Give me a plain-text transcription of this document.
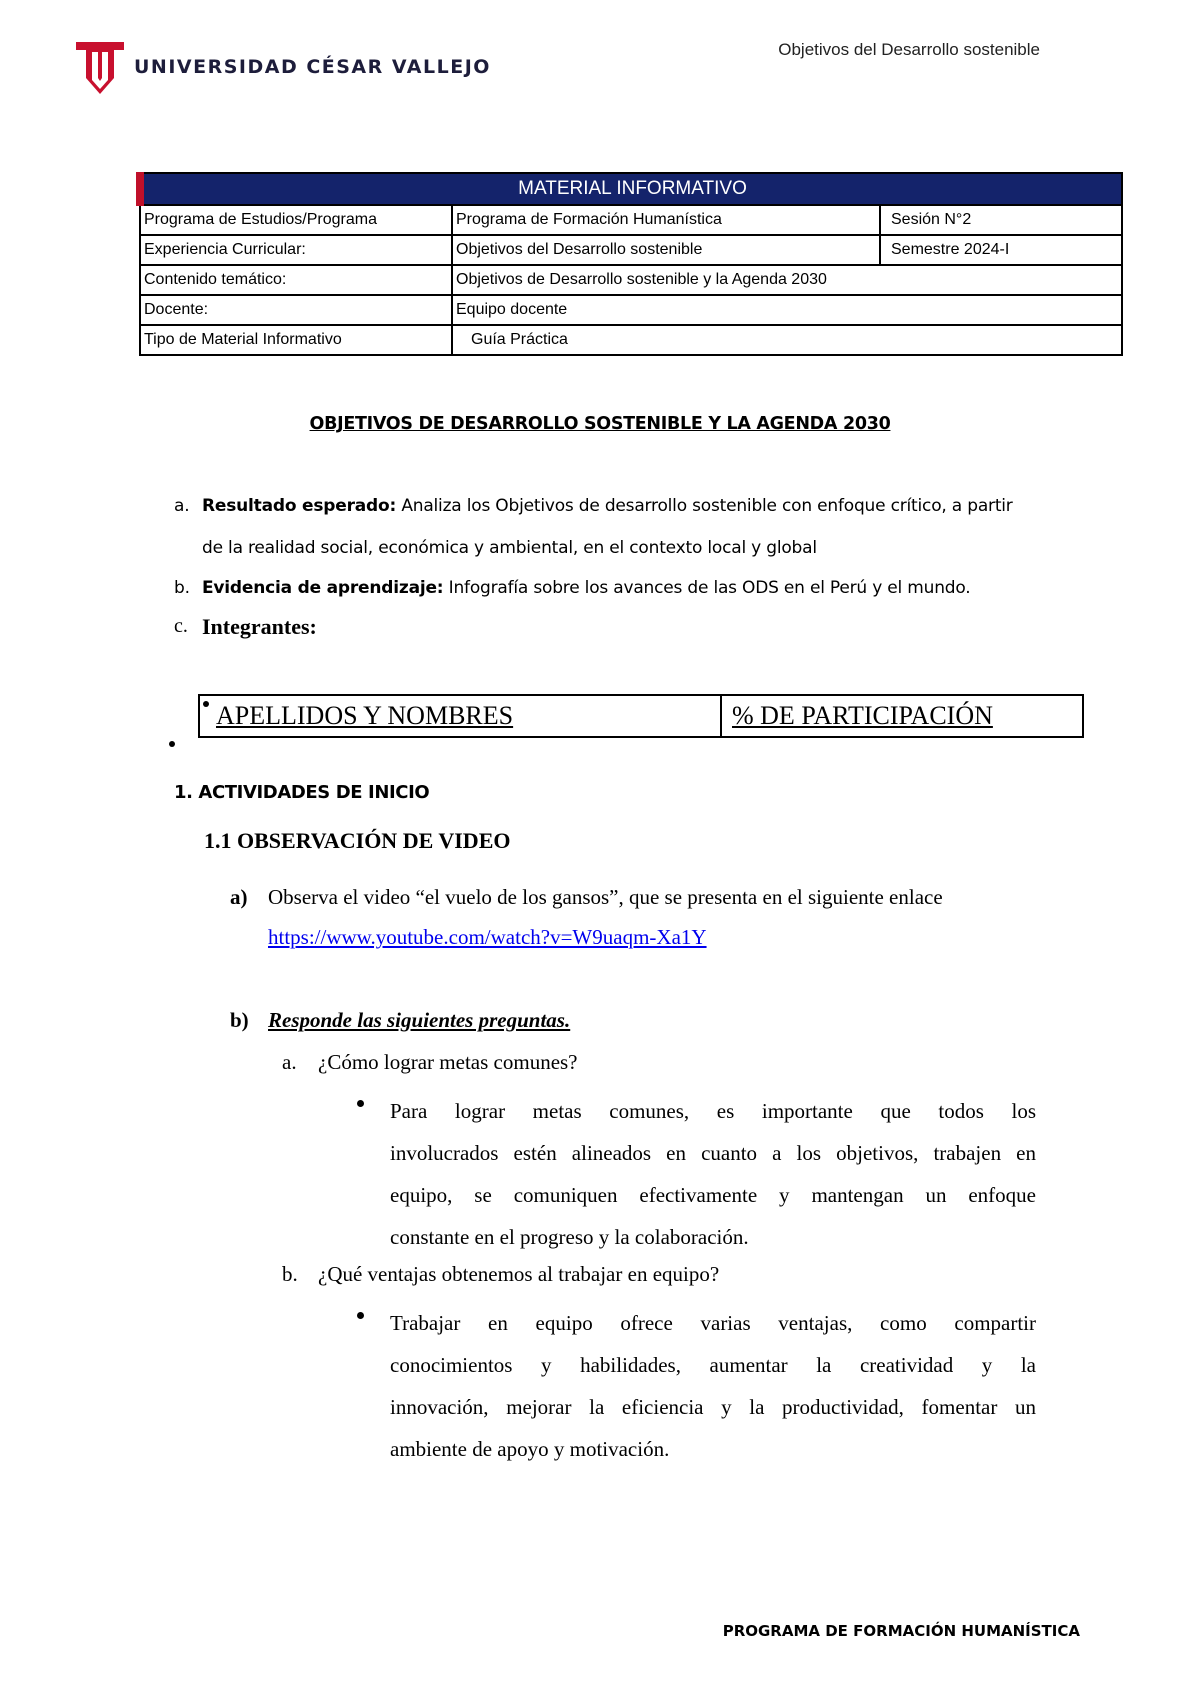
UNIVERSIDAD CÉSAR VALLEJO
Objetivos del Desarrollo sostenible
MATERIAL INFORMATIVO		
Programa de Estudios/Programa	Programa de Formación Humanística	Sesión N°2
Experiencia Curricular:	Objetivos del Desarrollo sostenible	Semestre 2024-I
Contenido temático:	Objetivos de Desarrollo sostenible y la Agenda 2030	
Docente:	Equipo docente	
Tipo de Material Informativo	Guía Práctica	
OBJETIVOS DE DESARROLLO SOSTENIBLE Y LA AGENDA 2030
a. Resultado esperado: Analiza los Objetivos de desarrollo sostenible con enfoque crítico, a partir
de la realidad social, económica y ambiental, en el contexto local y global
b. Evidencia de aprendizaje: Infografía sobre los avances de las ODS en el Perú y el mundo.
c. Integrantes:
APELLIDOS Y NOMBRES	% DE PARTICIPACIÓN
1. ACTIVIDADES DE INICIO
1.1 OBSERVACIÓN DE VIDEO
a) Observa el video “el vuelo de los gansos”, que se presenta en el siguiente enlace
https://www.youtube.com/watch?v=W9uaqm-Xa1Y
b) Responde las siguientes preguntas.
a. ¿Cómo lograr metas comunes?
Para lograr metas comunes, es importante que todos los
involucrados estén alineados en cuanto a los objetivos, trabajen en
equipo, se comuniquen efectivamente y mantengan un enfoque
constante en el progreso y la colaboración.
b. ¿Qué ventajas obtenemos al trabajar en equipo?
Trabajar en equipo ofrece varias ventajas, como compartir
conocimientos y habilidades, aumentar la creatividad y la
innovación, mejorar la eficiencia y la productividad, fomentar un
ambiente de apoyo y motivación.
PROGRAMA DE FORMACIÓN HUMANÍSTICA
